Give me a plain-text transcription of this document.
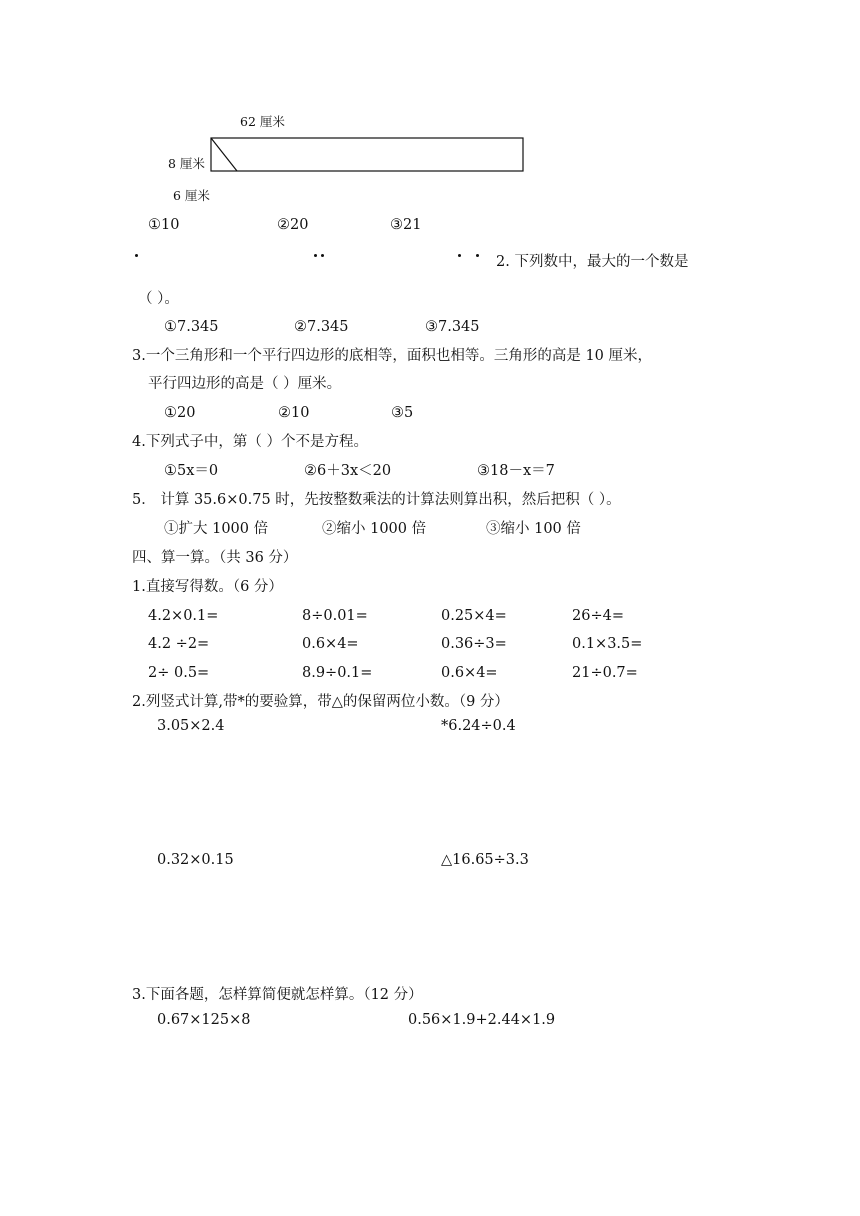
62 厘米
8 厘米
6 厘米
①10	②20	③21
2. 下列数中，最大的一个数是
（ ）。
①7.345	②7.345	③7.345
3.一个三角形和一个平行四边形的底相等，面积也相等。三角形的高是 10 厘米，
平行四边形的高是（ ）厘米。
①20	②10	③5
4.下列式子中，第（ ）个不是方程。
①5x＝0	②6＋3x＜20	③18－x＝7
5． 计算 35.6×0.75 时，先按整数乘法的计算法则算出积，然后把积（ ）。
①扩大 1000 倍	②缩小 1000 倍	③缩小 100 倍
四、算一算。（共 36 分）
1.直接写得数。（6 分）
4.2×0.1=	8÷0.01=	0.25×4=	26÷4=
4.2 ÷2=	0.6×4=	0.36÷3=	0.1×3.5=
2÷ 0.5=	8.9÷0.1=	0.6×4=	21÷0.7=
2.列竖式计算,带*的要验算，带△的保留两位小数。（9 分）
3.05×2.4	*6.24÷0.4
0.32×0.15	△16.65÷3.3
3.下面各题，怎样算简便就怎样算。（12 分）
0.67×125×8	0.56×1.9+2.44×1.9
